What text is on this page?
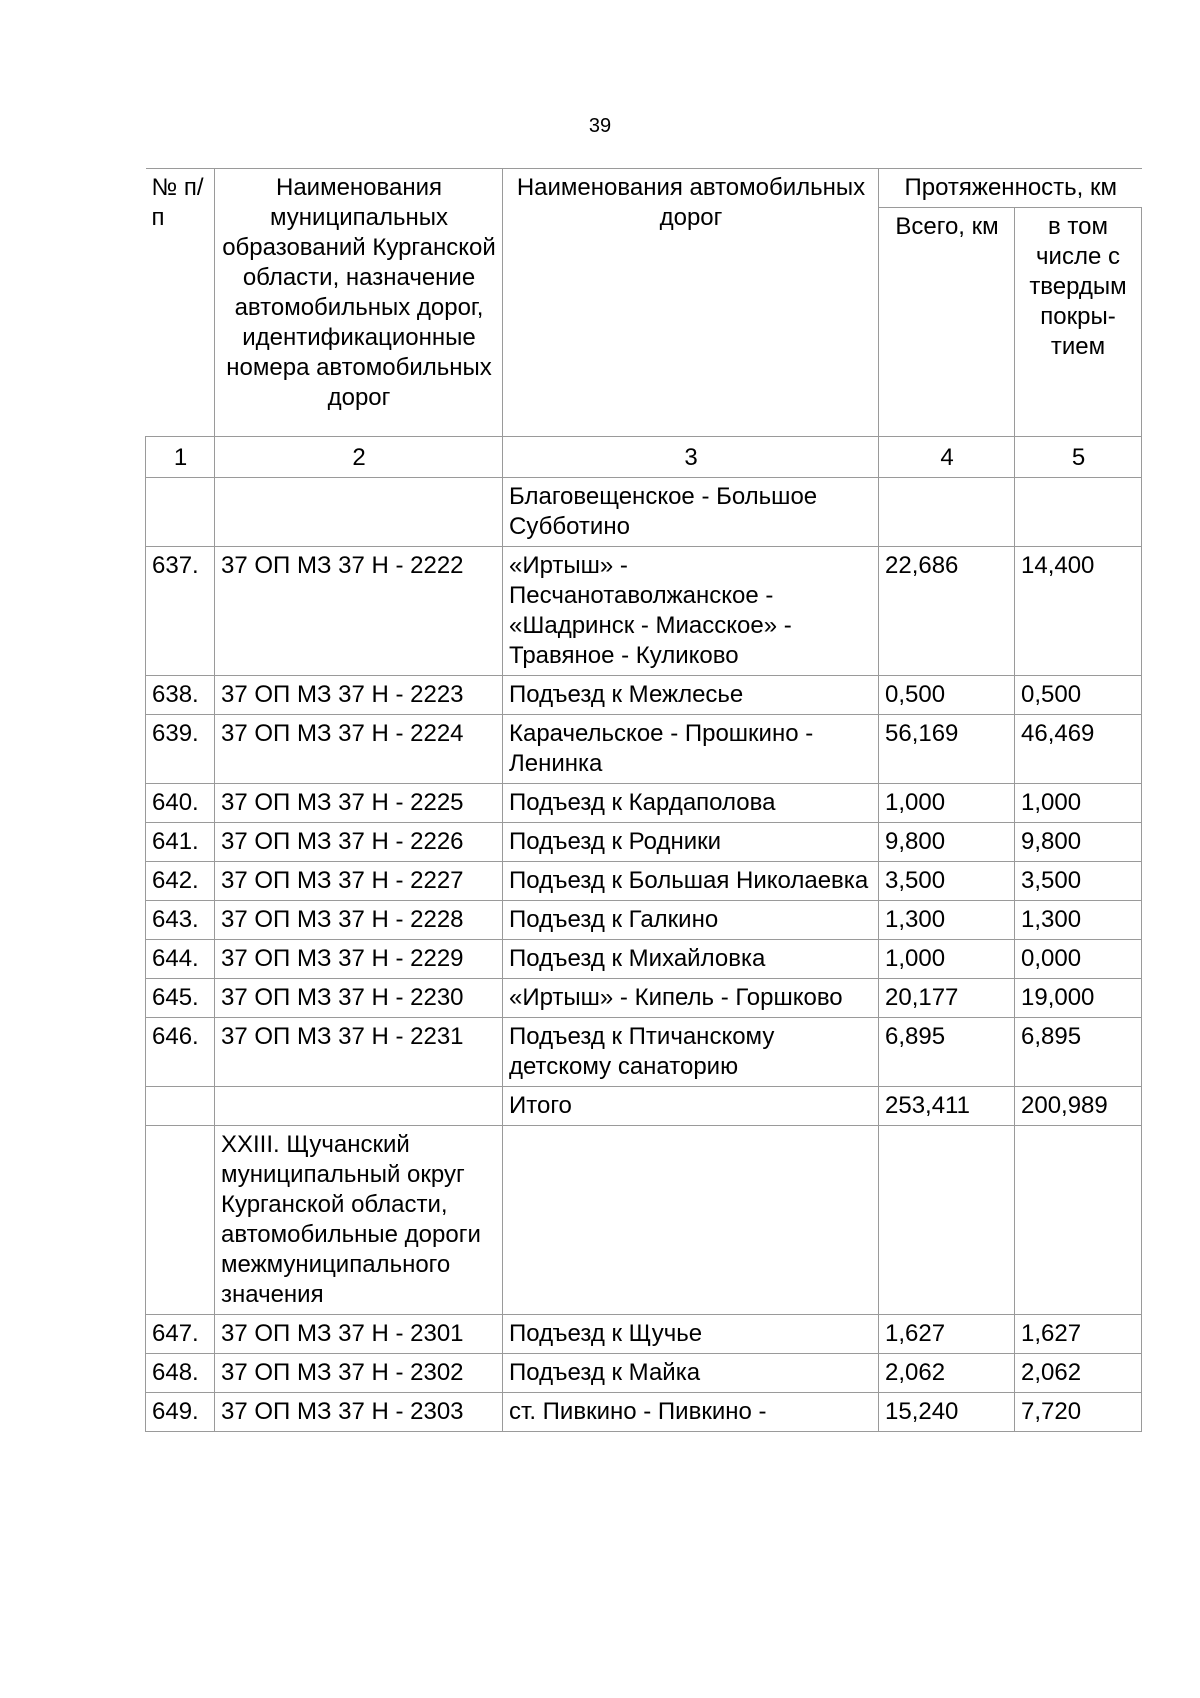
39
№ п/п	Наименования муниципальных образований Курганской области, назначение автомобильных дорог, идентификационные номера автомобильных дорог	Наименования автомобильных дорог	Протяженность, км	
			Всего, км	в том числе с твердым покры-тием
1	2	3	4	5
		Благовещенское - Большое Субботино		
637.	37 ОП МЗ 37 Н - 2222	«Иртыш» - Песчанотаволжанское - «Шадринск - Миасское» - Травяное - Куликово	22,686	14,400
638.	37 ОП МЗ 37 Н - 2223	Подъезд к Межлесье	0,500	0,500
639.	37 ОП МЗ 37 Н - 2224	Карачельское - Прошкино - Ленинка	56,169	46,469
640.	37 ОП МЗ 37 Н - 2225	Подъезд к Кардаполова	1,000	1,000
641.	37 ОП МЗ 37 Н - 2226	Подъезд к Родники	9,800	9,800
642.	37 ОП МЗ 37 Н - 2227	Подъезд к Большая Николаевка	3,500	3,500
643.	37 ОП МЗ 37 Н - 2228	Подъезд к Галкино	1,300	1,300
644.	37 ОП МЗ 37 Н - 2229	Подъезд к Михайловка	1,000	0,000
645.	37 ОП МЗ 37 Н - 2230	«Иртыш» - Кипель - Горшково	20,177	19,000
646.	37 ОП МЗ 37 Н - 2231	Подъезд к Птичанскому детскому санаторию	6,895	6,895
		Итого	253,411	200,989
	XXIII. Щучанский муниципальный округ Курганской области, автомобильные дороги межмуниципального значения			
647.	37 ОП МЗ 37 Н - 2301	Подъезд к Щучье	1,627	1,627
648.	37 ОП МЗ 37 Н - 2302	Подъезд к Майка	2,062	2,062
649.	37 ОП МЗ 37 Н - 2303	ст. Пивкино - Пивкино -	15,240	7,720
